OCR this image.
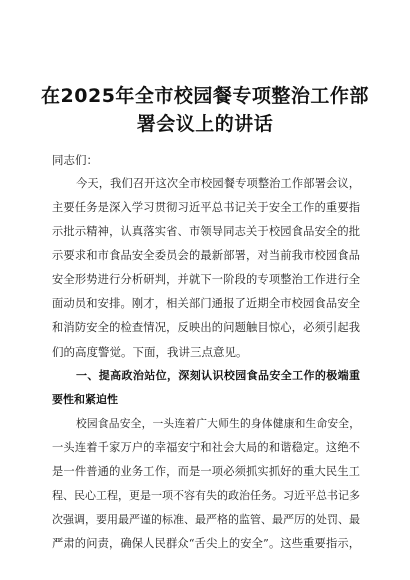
在2025年全市校园餐专项整治工作部
署会议上的讲话
同志们：
今天，我们召开这次全市校园餐专项整治工作部署会议，
主要任务是深入学习贯彻习近平总书记关于安全工作的重要指
示批示精神，认真落实省、市领导同志关于校园食品安全的批
示要求和市食品安全委员会的最新部署，对当前我市校园食品
安全形势进行分析研判，并就下一阶段的专项整治工作进行全
面动员和安排。刚才，相关部门通报了近期全市校园食品安全
和消防安全的检查情况，反映出的问题触目惊心，必须引起我
们的高度警觉。下面，我讲三点意见。
一、提高政治站位，深刻认识校园食品安全工作的极端重
要性和紧迫性
校园食品安全，一头连着广大师生的身体健康和生命安全，
一头连着千家万户的幸福安宁和社会大局的和谐稳定。这绝不
是一件普通的业务工作，而是一项必须抓实抓好的重大民生工
程、民心工程，更是一项不容有失的政治任务。习近平总书记多
次强调，要用最严谨的标准、最严格的监管、最严厉的处罚、最
严肃的问责，确保人民群众“舌尖上的安全”。这些重要指示，
